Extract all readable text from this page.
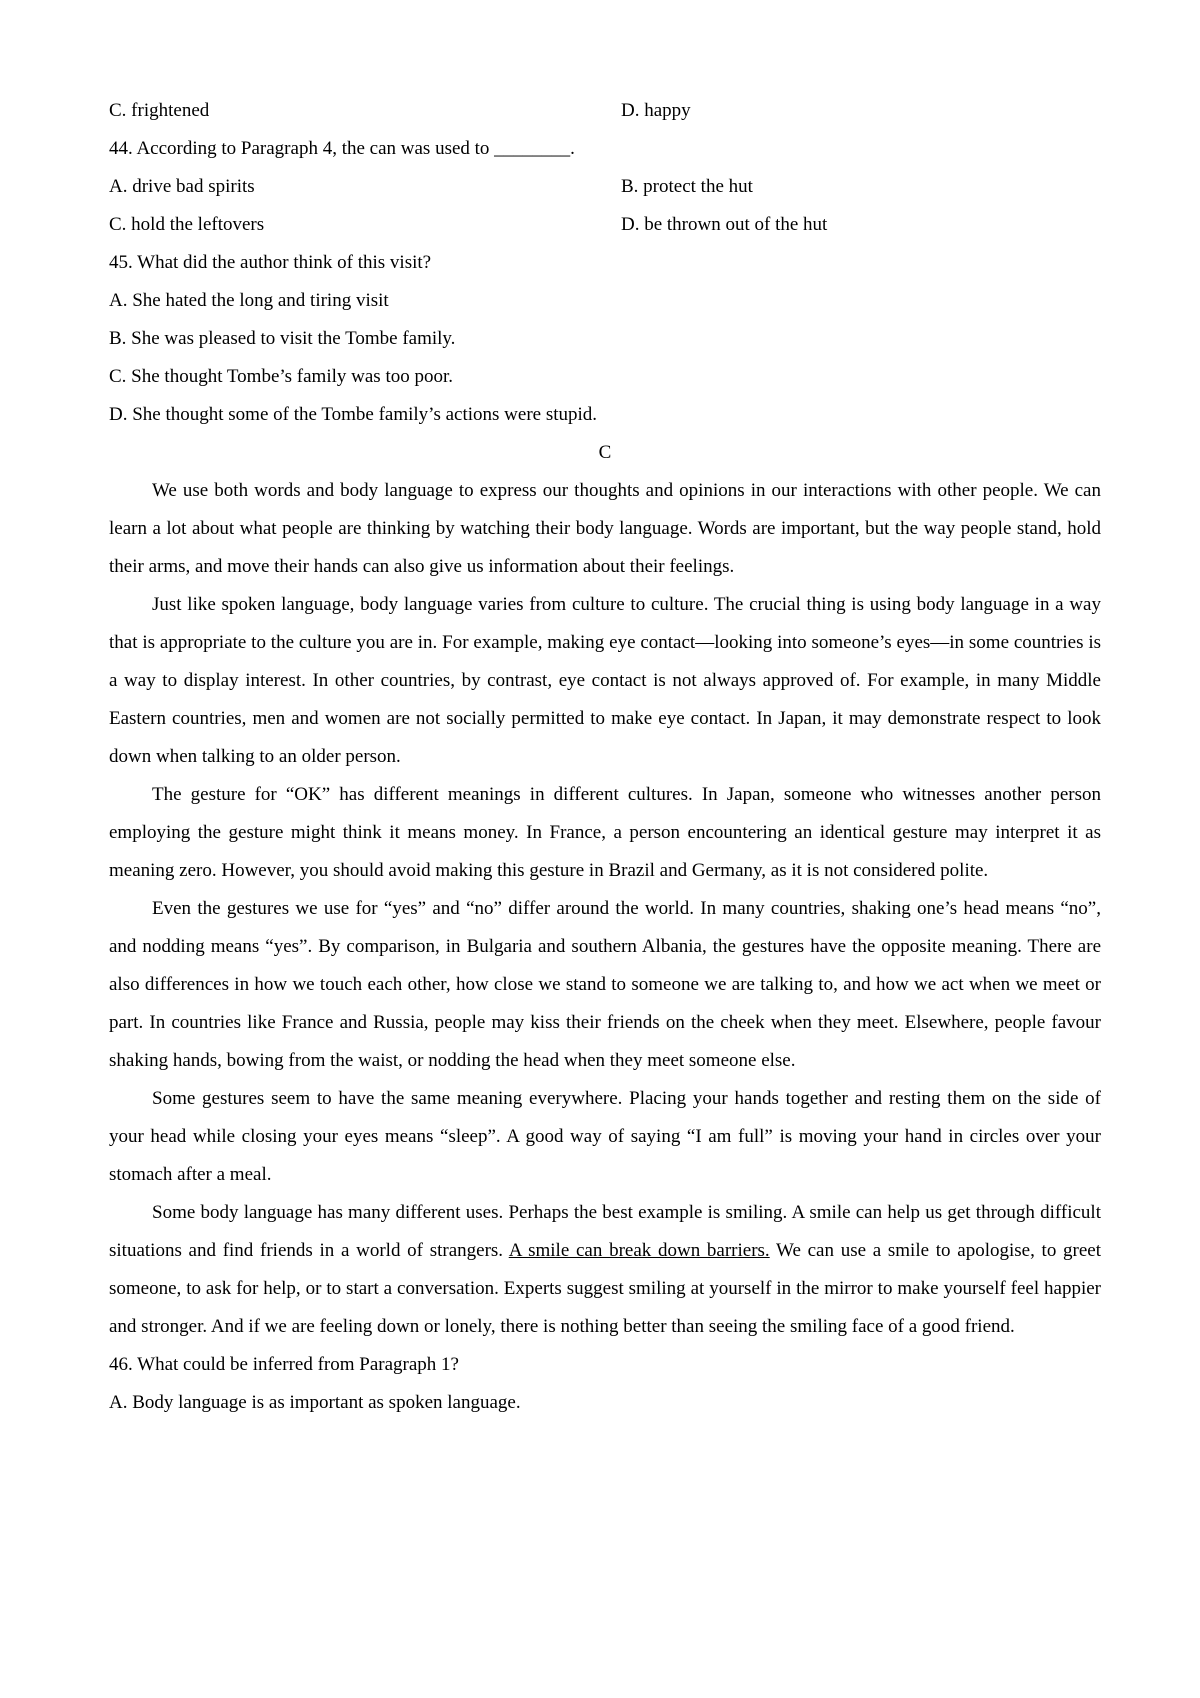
C. frightened	D. happy
44. According to Paragraph 4, the can was used to ________.
A. drive bad spirits	B. protect the hut
C. hold the leftovers	D. be thrown out of the hut
45. What did the author think of this visit?
A. She hated the long and tiring visit
B. She was pleased to visit the Tombe family.
C. She thought Tombe’s family was too poor.
D. She thought some of the Tombe family’s actions were stupid.
C

We use both words and body language to express our thoughts and opinions in our interactions with other people. We can learn a lot about what people are thinking by watching their body language. Words are important, but the way people stand, hold their arms, and move their hands can also give us information about their feelings.

Just like spoken language, body language varies from culture to culture. The crucial thing is using body language in a way that is appropriate to the culture you are in. For example, making eye contact—looking into someone’s eyes—in some countries is a way to display interest. In other countries, by contrast, eye contact is not always approved of. For example, in many Middle Eastern countries, men and women are not socially permitted to make eye contact. In Japan, it may demonstrate respect to look down when talking to an older person.

The gesture for “OK” has different meanings in different cultures. In Japan, someone who witnesses another person employing the gesture might think it means money. In France, a person encountering an identical gesture may interpret it as meaning zero. However, you should avoid making this gesture in Brazil and Germany, as it is not considered polite.

Even the gestures we use for “yes” and “no” differ around the world. In many countries, shaking one’s head means “no”, and nodding means “yes”. By comparison, in Bulgaria and southern Albania, the gestures have the opposite meaning. There are also differences in how we touch each other, how close we stand to someone we are talking to, and how we act when we meet or part. In countries like France and Russia, people may kiss their friends on the cheek when they meet. Elsewhere, people favour shaking hands, bowing from the waist, or nodding the head when they meet someone else.

Some gestures seem to have the same meaning everywhere. Placing your hands together and resting them on the side of your head while closing your eyes means “sleep”. A good way of saying “I am full” is moving your hand in circles over your stomach after a meal.

Some body language has many different uses. Perhaps the best example is smiling. A smile can help us get through difficult situations and find friends in a world of strangers. A smile can break down barriers. We can use a smile to apologise, to greet someone, to ask for help, or to start a conversation. Experts suggest smiling at yourself in the mirror to make yourself feel happier and stronger. And if we are feeling down or lonely, there is nothing better than seeing the smiling face of a good friend.

46. What could be inferred from Paragraph 1?
A. Body language is as important as spoken language.
